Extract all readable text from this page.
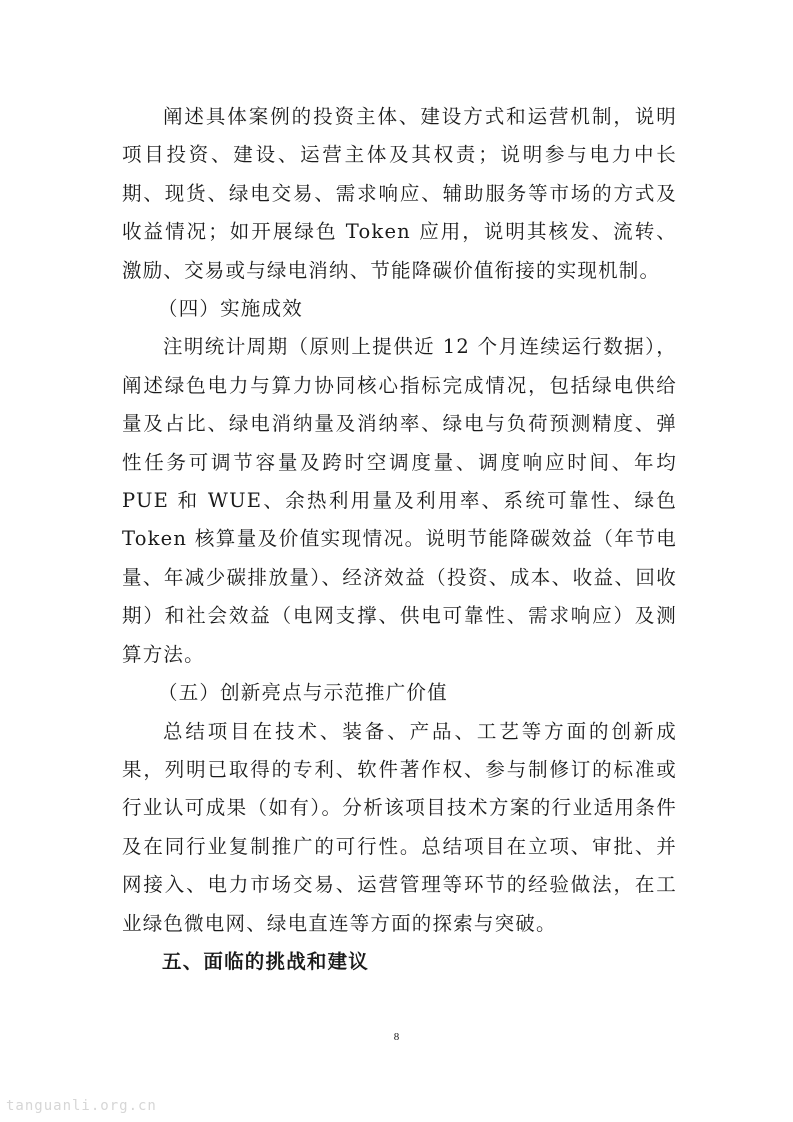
阐述具体案例的投资主体、建设方式和运营机制，说明项目投资、建设、运营主体及其权责；说明参与电力中长期、现货、绿电交易、需求响应、辅助服务等市场的方式及收益情况；如开展绿色 Token 应用，说明其核发、流转、激励、交易或与绿电消纳、节能降碳价值衔接的实现机制。

（四）实施成效

注明统计周期（原则上提供近 12 个月连续运行数据），阐述绿色电力与算力协同核心指标完成情况，包括绿电供给量及占比、绿电消纳量及消纳率、绿电与负荷预测精度、弹性任务可调节容量及跨时空调度量、调度响应时间、年均 PUE 和 WUE、余热利用量及利用率、系统可靠性、绿色 Token 核算量及价值实现情况。说明节能降碳效益（年节电量、年减少碳排放量）、经济效益（投资、成本、收益、回收期）和社会效益（电网支撑、供电可靠性、需求响应）及测算方法。

（五）创新亮点与示范推广价值

总结项目在技术、装备、产品、工艺等方面的创新成果，列明已取得的专利、软件著作权、参与制修订的标准或行业认可成果（如有）。分析该项目技术方案的行业适用条件及在同行业复制推广的可行性。总结项目在立项、审批、并网接入、电力市场交易、运营管理等环节的经验做法，在工业绿色微电网、绿电直连等方面的探索与突破。

五、面临的挑战和建议

8
tanguanli.org.cn
